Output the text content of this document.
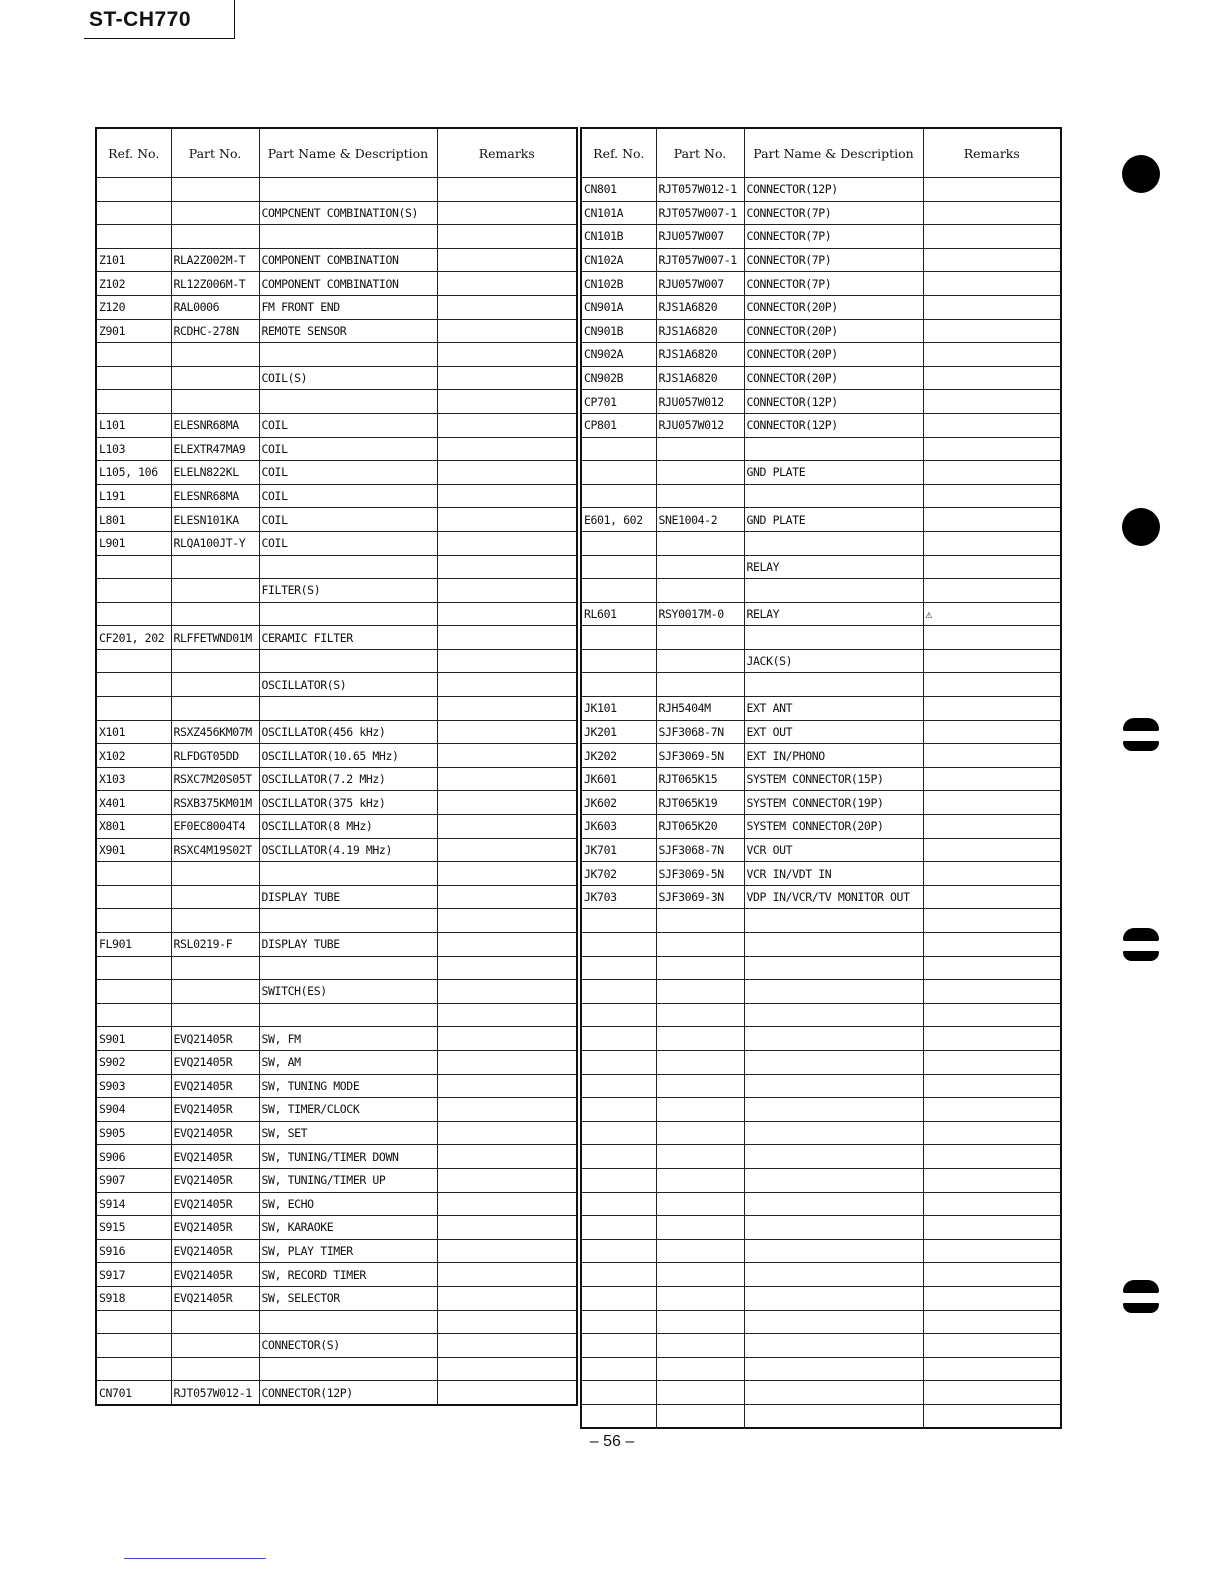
ST-CH770
Ref. No.	Part No.	Part Name & Description	Remarks

		COMPCNENT COMBINATION(S)	

Z101	RLA2Z002M-T	COMPONENT COMBINATION	
Z102	RL12Z006M-T	COMPONENT COMBINATION	
Z120	RAL0006	FM FRONT END	
Z901	RCDHC-278N	REMOTE SENSOR	

		COIL(S)	

L101	ELESNR68MA	COIL	
L103	ELEXTR47MA9	COIL	
L105, 106	ELELN822KL	COIL	
L191	ELESNR68MA	COIL	
L801	ELESN101KA	COIL	
L901	RLQA100JT-Y	COIL	

		FILTER(S)	

CF201, 202	RLFFETWND01M	CERAMIC FILTER	

		OSCILLATOR(S)	

X101	RSXZ456KM07M	OSCILLATOR(456 kHz)	
X102	RLFDGT05DD	OSCILLATOR(10.65 MHz)	
X103	RSXC7M20S05T	OSCILLATOR(7.2 MHz)	
X401	RSXB375KM01M	OSCILLATOR(375 kHz)	
X801	EF0EC8004T4	OSCILLATOR(8 MHz)	
X901	RSXC4M19S02T	OSCILLATOR(4.19 MHz)	

		DISPLAY TUBE	

FL901	RSL0219-F	DISPLAY TUBE	

		SWITCH(ES)	

S901	EVQ21405R	SW, FM	
S902	EVQ21405R	SW, AM	
S903	EVQ21405R	SW, TUNING MODE	
S904	EVQ21405R	SW, TIMER/CLOCK	
S905	EVQ21405R	SW, SET	
S906	EVQ21405R	SW, TUNING/TIMER DOWN	
S907	EVQ21405R	SW, TUNING/TIMER UP	
S914	EVQ21405R	SW, ECHO	
S915	EVQ21405R	SW, KARAOKE	
S916	EVQ21405R	SW, PLAY TIMER	
S917	EVQ21405R	SW, RECORD TIMER	
S918	EVQ21405R	SW, SELECTOR	

		CONNECTOR(S)	

CN701	RJT057W012-1	CONNECTOR(12P)	
Ref. No.	Part No.	Part Name & Description	Remarks
CN801	RJT057W012-1	CONNECTOR(12P)	
CN101A	RJT057W007-1	CONNECTOR(7P)	
CN101B	RJU057W007	CONNECTOR(7P)	
CN102A	RJT057W007-1	CONNECTOR(7P)	
CN102B	RJU057W007	CONNECTOR(7P)	
CN901A	RJS1A6820	CONNECTOR(20P)	
CN901B	RJS1A6820	CONNECTOR(20P)	
CN902A	RJS1A6820	CONNECTOR(20P)	
CN902B	RJS1A6820	CONNECTOR(20P)	
CP701	RJU057W012	CONNECTOR(12P)	
CP801	RJU057W012	CONNECTOR(12P)	

		GND PLATE	

E601, 602	SNE1004-2	GND PLATE	

		RELAY	

RL601	RSY0017M-0	RELAY	⚠

		JACK(S)	

JK101	RJH5404M	EXT ANT	
JK201	SJF3068-7N	EXT OUT	
JK202	SJF3069-5N	EXT IN/PHONO	
JK601	RJT065K15	SYSTEM CONNECTOR(15P)	
JK602	RJT065K19	SYSTEM CONNECTOR(19P)	
JK603	RJT065K20	SYSTEM CONNECTOR(20P)	
JK701	SJF3068-7N	VCR OUT	
JK702	SJF3069-5N	VCR IN/VDT IN	
JK703	SJF3069-3N	VDP IN/VCR/TV MONITOR OUT	

– 56 –
